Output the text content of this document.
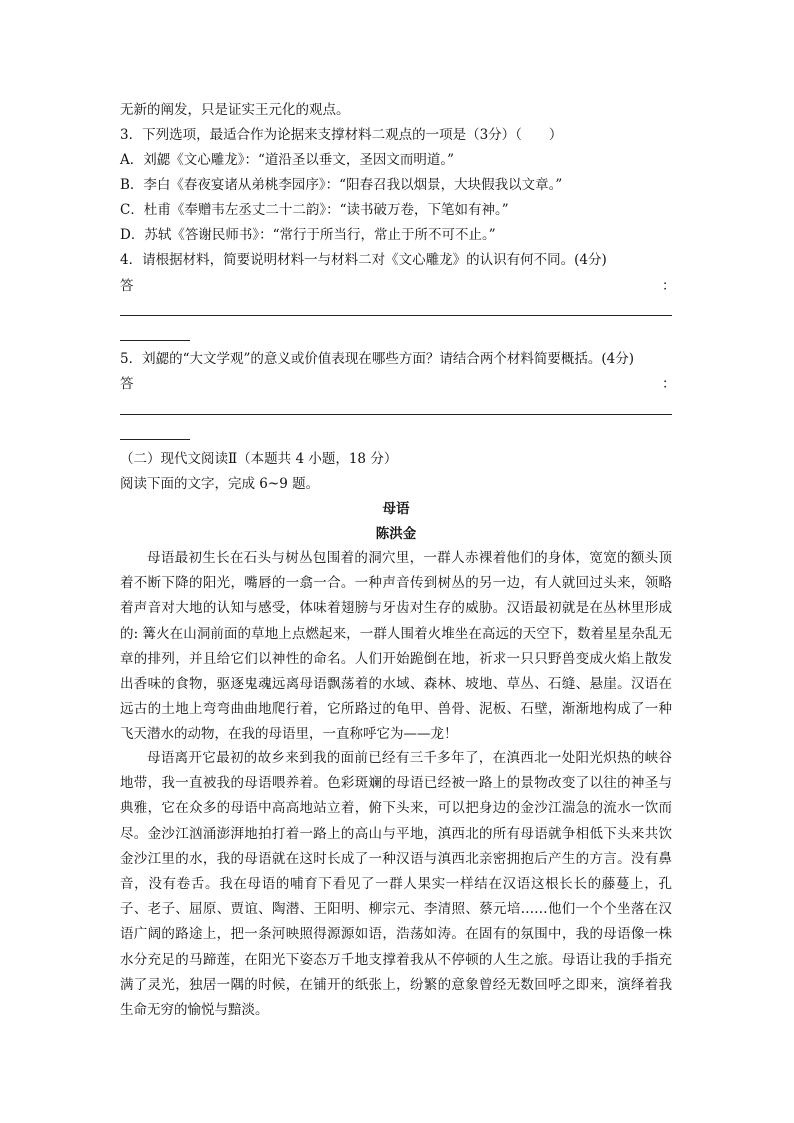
无新的阐发，只是证实王元化的观点。
3．下列选项，最适合作为论据来支撑材料二观点的一项是（3分）（　　）
A．刘勰《文心雕龙》：“道沿圣以垂文，圣因文而明道。”
B．李白《春夜宴诸从弟桃李园序》：“阳春召我以烟景，大块假我以文章。”
C．杜甫《奉赠韦左丞丈二十二韵》：“读书破万卷，下笔如有神。”
D．苏轼《答谢民师书》：“常行于所当行，常止于所不可不止。”
4．请根据材料，简要说明材料一与材料二对《文心雕龙》的认识有何不同。(4分)
答	：
5．刘勰的“大文学观”的意义或价值表现在哪些方面？请结合两个材料简要概括。(4分)
答	：
（二）现代文阅读Ⅱ（本题共 4 小题，18 分）
阅读下面的文字，完成 6~9 题。
母语
陈洪金
母语最初生长在石头与树丛包围着的洞穴里，一群人赤裸着他们的身体，宽宽的额头顶着不断下降的阳光，嘴唇的一翕一合。一种声音传到树丛的另一边，有人就回过头来，领略着声音对大地的认知与感受，体味着翅膀与牙齿对生存的威胁。汉语最初就是在丛林里形成的: 篝火在山洞前面的草地上点燃起来，一群人围着火堆坐在高远的天空下，数着星星杂乱无章的排列，并且给它们以神性的命名。人们开始跪倒在地，祈求一只只野兽变成火焰上散发出香味的食物，驱逐鬼魂远离母语飘荡着的水域、森林、坡地、草丛、石缝、悬崖。汉语在远古的土地上弯弯曲曲地爬行着，它所路过的龟甲、兽骨、泥板、石壁，渐渐地构成了一种飞天潜水的动物，在我的母语里，一直称呼它为——龙！
母语离开它最初的故乡来到我的面前已经有三千多年了，在滇西北一处阳光炽热的峡谷地带，我一直被我的母语喂养着。色彩斑斓的母语已经被一路上的景物改变了以往的神圣与典雅，它在众多的母语中高高地站立着，俯下头来，可以把身边的金沙江湍急的流水一饮而尽。金沙江汹涌澎湃地拍打着一路上的高山与平地，滇西北的所有母语就争相低下头来共饮金沙江里的水，我的母语就在这时长成了一种汉语与滇西北亲密拥抱后产生的方言。没有鼻音，没有卷舌。我在母语的哺育下看见了一群人果实一样结在汉语这根长长的藤蔓上，孔子、老子、屈原、贾谊、陶潜、王阳明、柳宗元、李清照、蔡元培……他们一个个坐落在汉语广阔的路途上，把一条河映照得源源如语，浩荡如涛。在固有的氛围中，我的母语像一株水分充足的马蹄莲，在阳光下姿态万千地支撑着我从不停顿的人生之旅。母语让我的手指充满了灵光，独居一隅的时候，在铺开的纸张上，纷繁的意象曾经无数回呼之即来，演绎着我生命无穷的愉悦与黯淡。
